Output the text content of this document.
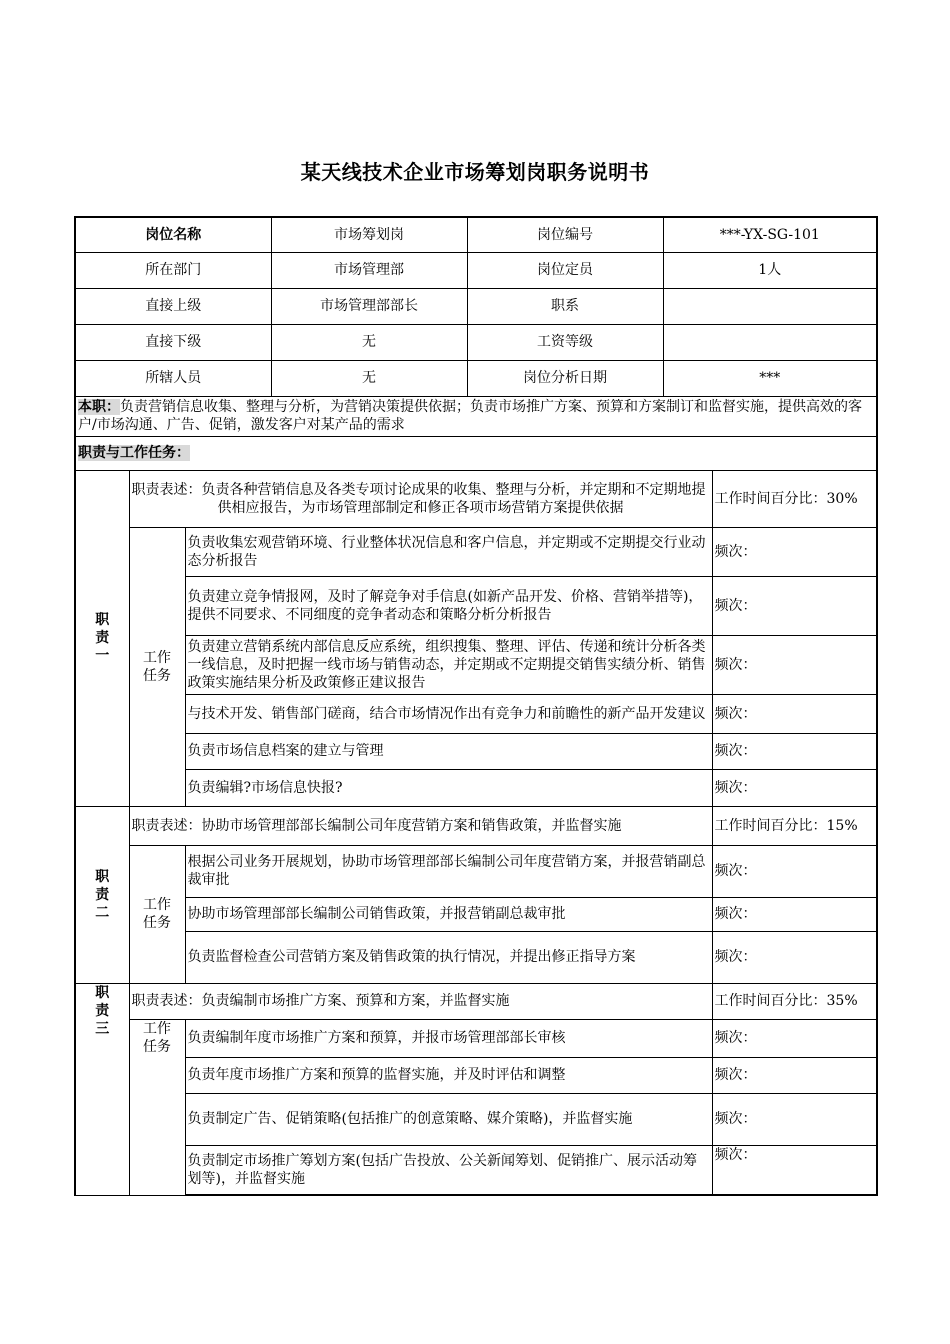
某天线技术企业市场筹划岗职务说明书
岗位名称			市场筹划岗	岗位编号	***-YX-SG-101	
所在部门			市场管理部	岗位定员	1人	
直接上级			市场管理部部长	职系		
直接下级			无	工资等级		
所辖人员			无	岗位分析日期	***	
本职：负责营销信息收集、整理与分析，为营销决策提供依据；负责市场推广方案、预算和方案制订和监督实施，提供高效的客户/市场沟通、广告、促销，激发客户对某产品的需求						
职责与工作任务：						
职
责
一	职责表述：负责各种营销信息及各类专项讨论成果的收集、整理与分析，并定期和不定期地提供相应报告，为市场管理部制定和修正各项市场营销方案提供依据					工作时间百分比：30%
	工作
任务	负责收集宏观营销环境、行业整体状况信息和客户信息，并定期或不定期提交行业动态分析报告				频次：
		负责建立竞争情报网，及时了解竞争对手信息(如新产品开发、价格、营销举措等)，提供不同要求、不同细度的竞争者动态和策略分析分析报告				频次：
		负责建立营销系统内部信息反应系统，组织搜集、整理、评估、传递和统计分析各类一线信息，及时把握一线市场与销售动态，并定期或不定期提交销售实绩分析、销售政策实施结果分析及政策修正建议报告				频次：
		与技术开发、销售部门磋商，结合市场情况作出有竞争力和前瞻性的新产品开发建议				频次：
		负责市场信息档案的建立与管理				频次：
		负责编辑?市场信息快报?				频次：
职
责
二	职责表述：协助市场管理部部长编制公司年度营销方案和销售政策，并监督实施					工作时间百分比：15%
	工作
任务	根据公司业务开展规划，协助市场管理部部长编制公司年度营销方案，并报营销副总裁审批				频次：
		协助市场管理部部长编制公司销售政策，并报营销副总裁审批				频次：
		负责监督检查公司营销方案及销售政策的执行情况，并提出修正指导方案				频次：
职
责
三	职责表述：负责编制市场推广方案、预算和方案，并监督实施					工作时间百分比：35%
	工作
任务	负责编制年度市场推广方案和预算，并报市场管理部部长审核				频次：
		负责年度市场推广方案和预算的监督实施，并及时评估和调整				频次：
		负责制定广告、促销策略(包括推广的创意策略、媒介策略)，并监督实施				频次：
		负责制定市场推广筹划方案(包括广告投放、公关新闻筹划、促销推广、展示活动筹划等)，并监督实施				频次：
